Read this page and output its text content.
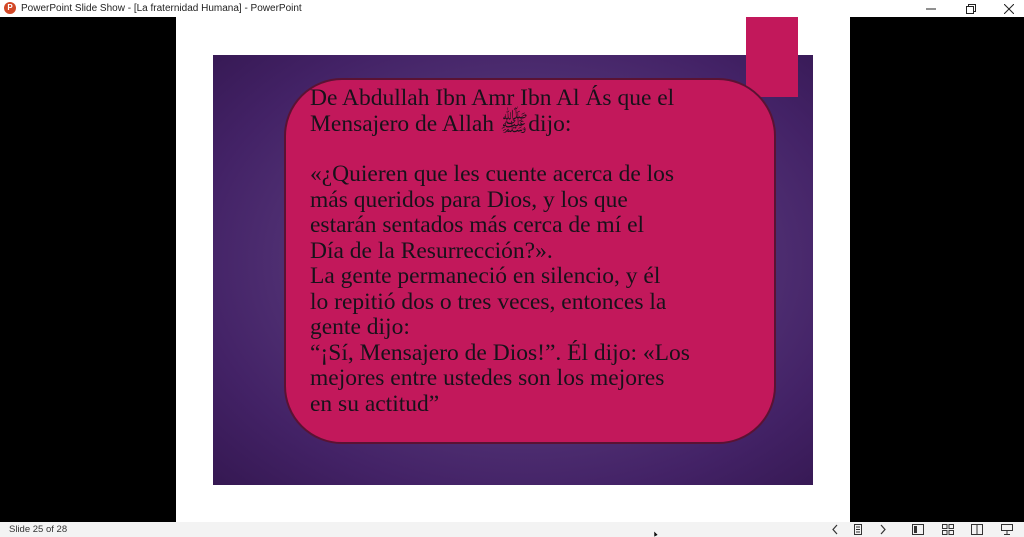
P
PowerPoint Slide Show - [La fraternidad Humana] - PowerPoint

De Abdullah Ibn Amr Ibn Al Ás que el

Mensajero de Allah ﷺdijo:

«¿Quieren que les cuente acerca de los

más queridos para Dios, y los que

estarán sentados más cerca de mí el

Día de la Resurrección?».

La gente permaneció en silencio, y él

lo repitió dos o tres veces, entonces la

gente dijo:

“¡Sí, Mensajero de Dios!”. Él dijo: «Los

mejores entre ustedes son los mejores

en su actitud”

Slide 25 of 28
